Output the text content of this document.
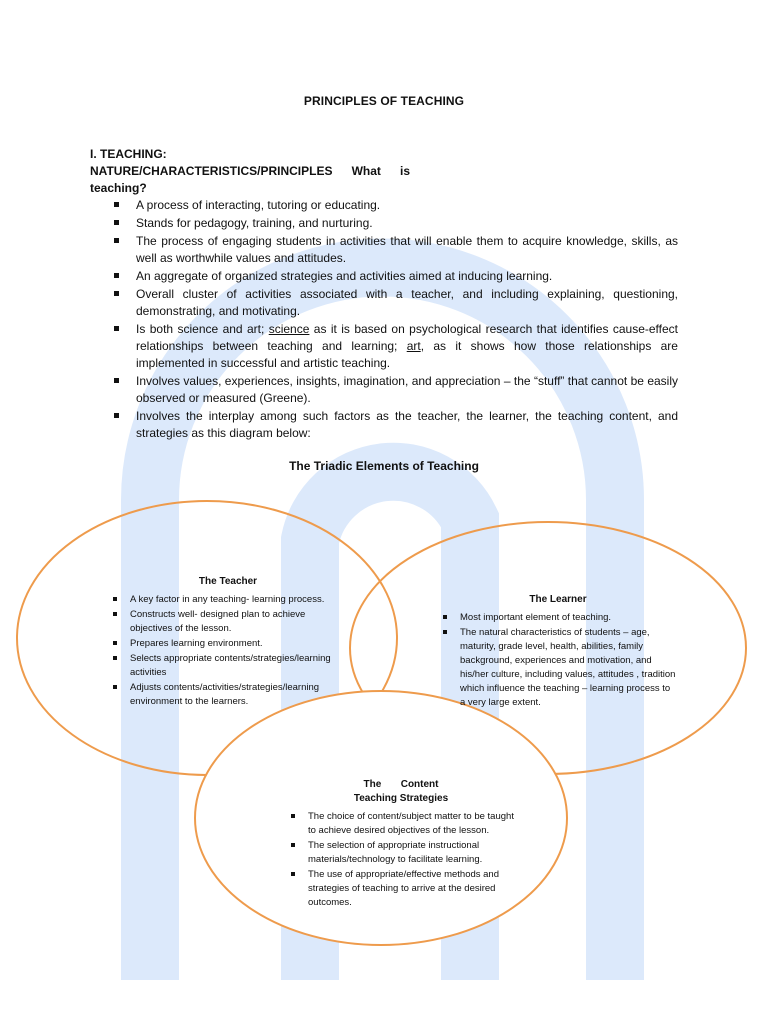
PRINCIPLES OF TEACHING
I. TEACHING:
NATURE/CHARACTERISTICS/PRINCIPLES What is
teaching?
A process of interacting, tutoring or educating.
Stands for pedagogy, training, and nurturing.
The process of engaging students in activities that will enable them to acquire knowledge, skills, as well as worthwhile values and attitudes.
An aggregate of organized strategies and activities aimed at inducing learning.
Overall cluster of activities associated with a teacher, and including explaining, questioning, demonstrating, and motivating.
Is both science and art; science as it is based on psychological research that identifies cause-effect relationships between teaching and learning; art, as it shows how those relationships are implemented in successful and artistic teaching.
Involves values, experiences, insights, imagination, and appreciation – the “stuff” that cannot be easily observed or measured (Greene).
Involves the interplay among such factors as the teacher, the learner, the teaching content, and strategies as this diagram below:
The Triadic Elements of Teaching
The Teacher
A key factor in any teaching- learning process.
Constructs well- designed plan to achieve objectives of the lesson.
Prepares learning environment.
Selects appropriate contents/strategies/learning activities
Adjusts contents/activities/strategies/learning environment to the learners.
The Learner
Most important element of teaching.
The natural characteristics of students – age, maturity, grade level, health, abilities, family background, experiences and motivation, and his/her culture, including values, attitudes , tradition which influence the teaching – learning process to a very large extent.
The Content
Teaching Strategies
The choice of content/subject matter to be taught to achieve desired objectives of the lesson.
The selection of appropriate instructional materials/technology to facilitate learning.
The use of appropriate/effective methods and strategies of teaching to arrive at the desired outcomes.
